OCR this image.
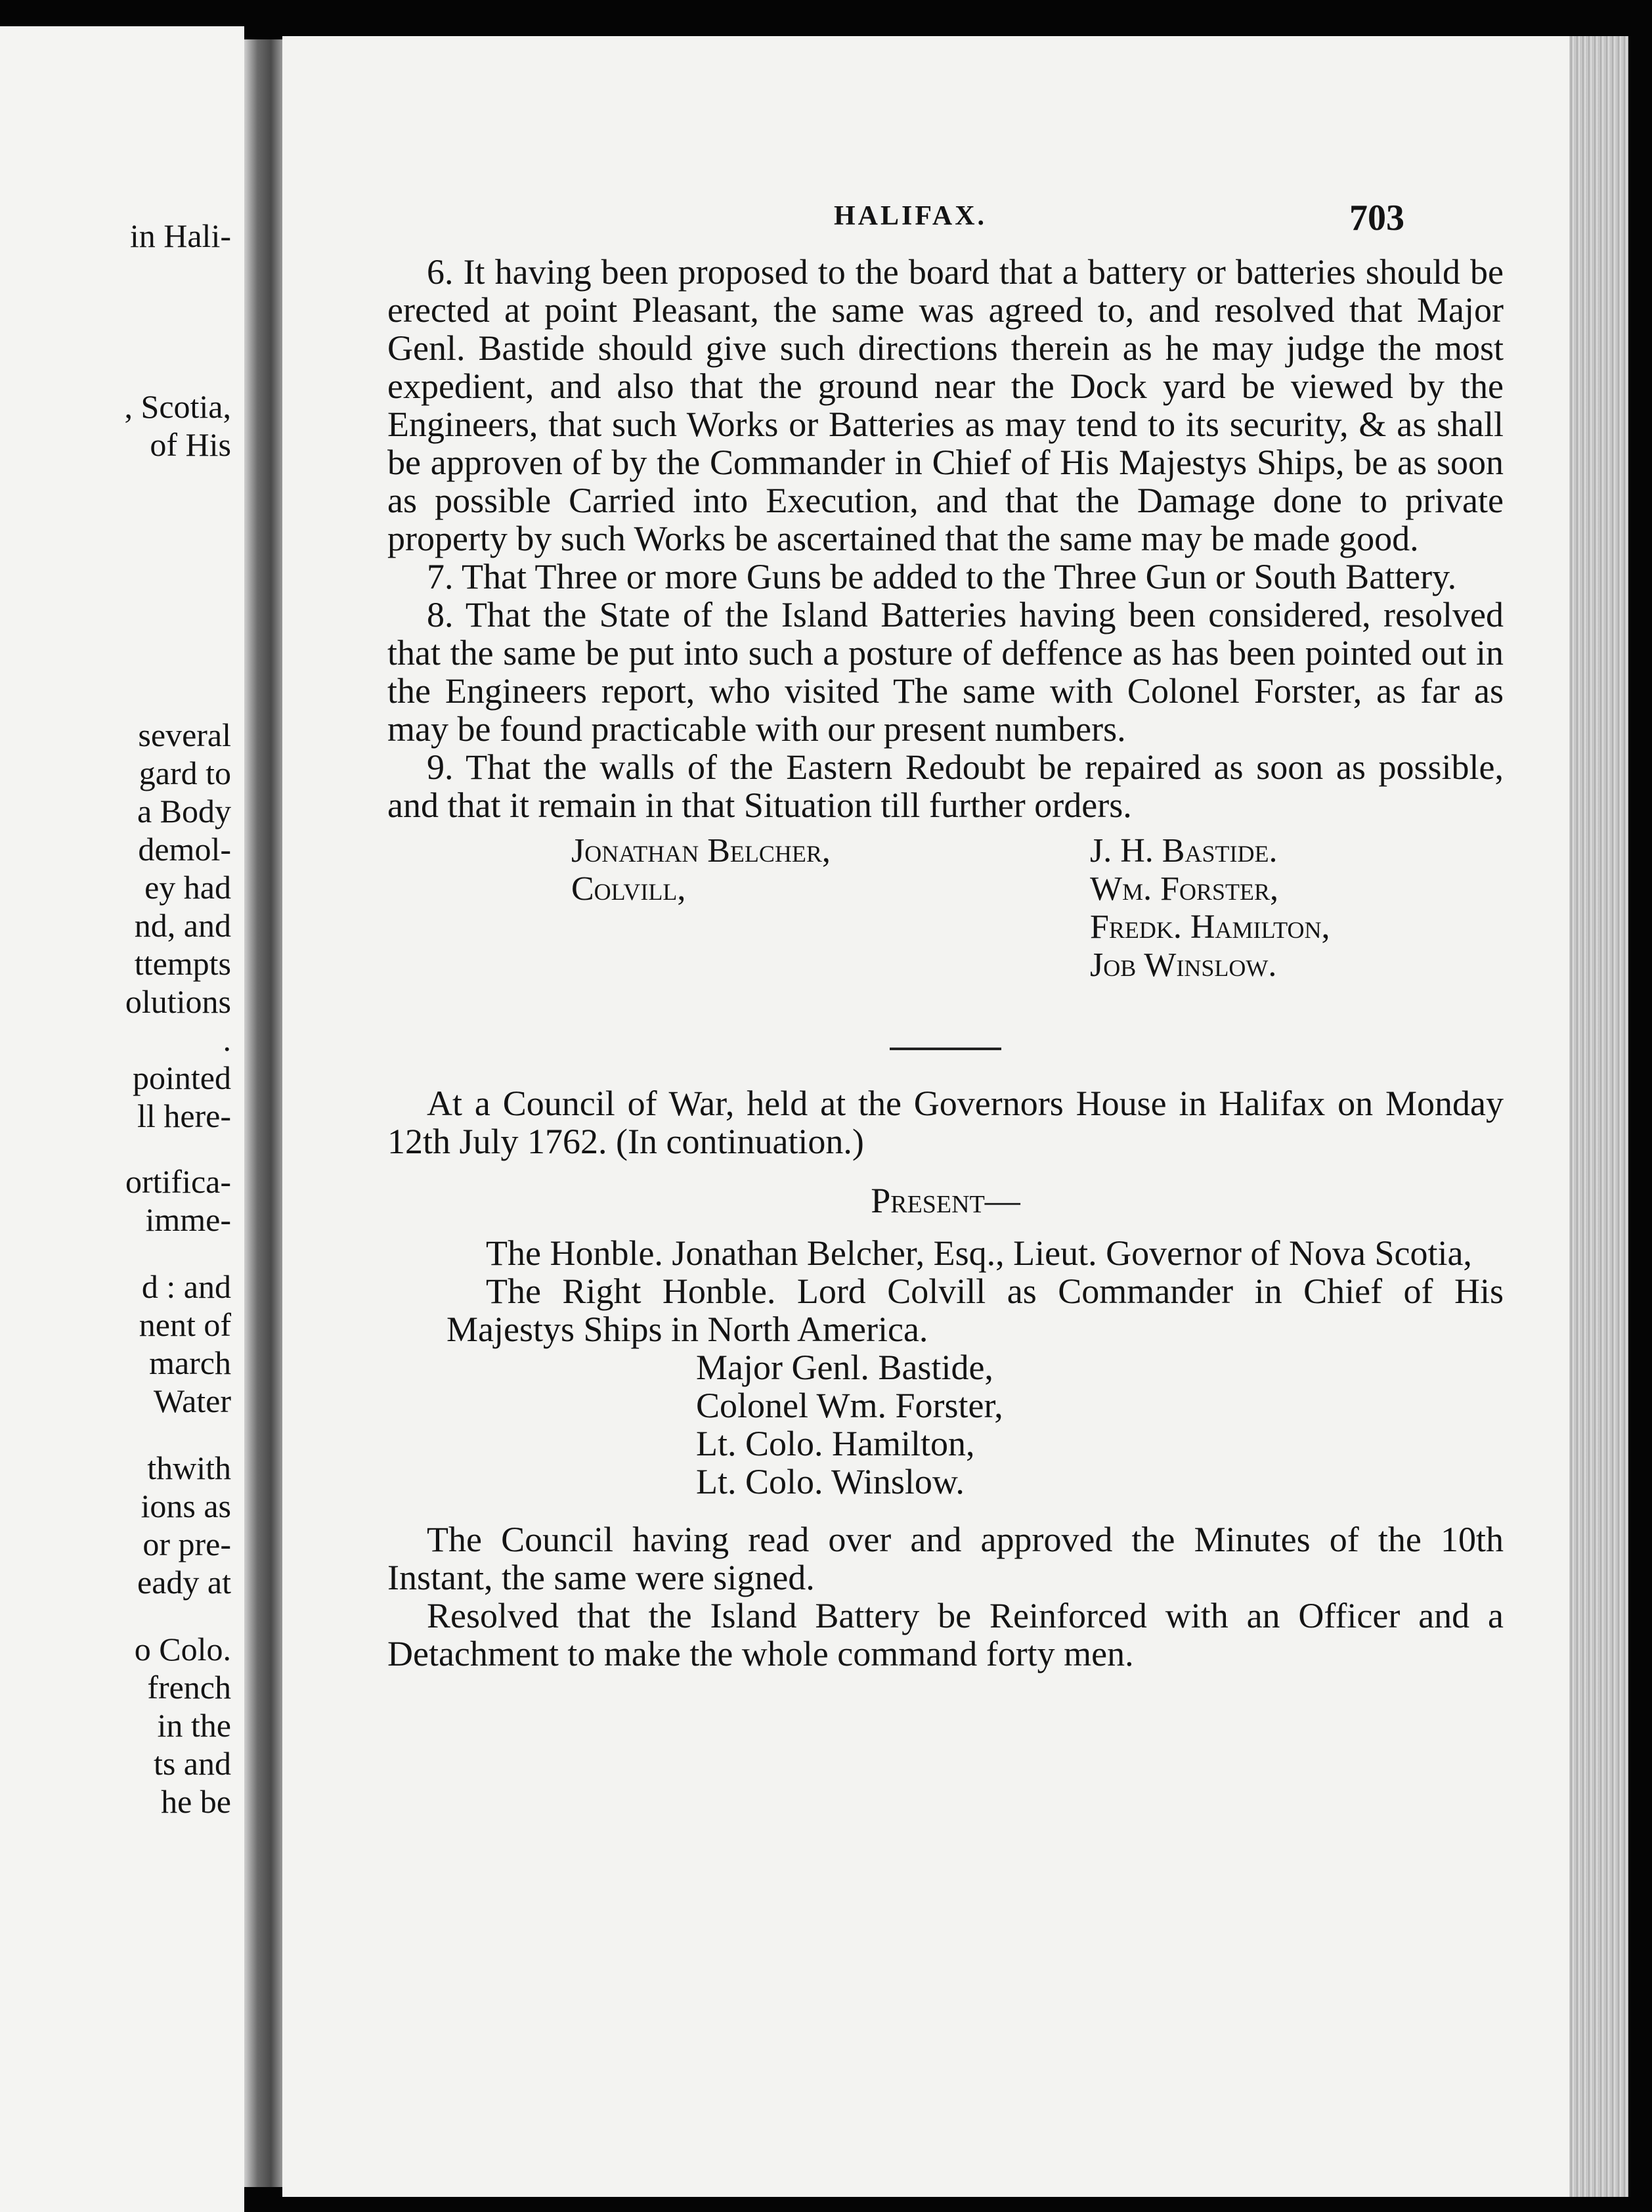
in Hali-
, Scotia,
of His
several
gard to
a Body
demol-
ey had
nd, and
ttempts
olutions
.
pointed
ll here-
ortifica-
imme-
d : and
nent of
march
Water
thwith
ions as
or pre-
eady at
o Colo.
french
in the
ts and
he be
HALIFAX.	703

6. It having been proposed to the board that a battery or batteries should be erected at point Pleasant, the same was agreed to, and resolved that Major Genl. Bastide should give such directions therein as he may judge the most expedient, and also that the ground near the Dock yard be viewed by the Engineers, that such Works or Batteries as may tend to its security, & as shall be approven of by the Commander in Chief of His Majestys Ships, be as soon as possible Carried into Execution, and that the Damage done to private property by such Works be ascertained that the same may be made good.

7. That Three or more Guns be added to the Three Gun or South Battery.

8. That the State of the Island Batteries having been considered, resolved that the same be put into such a posture of deffence as has been pointed out in the Engineers report, who visited The same with Colonel Forster, as far as may be found practicable with our present numbers.

9. That the walls of the Eastern Redoubt be repaired as soon as possible, and that it remain in that Situation till further orders.

Jonathan Belcher,
Colvill,
J. H. Bastide.
Wm. Forster,
Fredk. Hamilton,
Job Winslow.

At a Council of War, held at the Governors House in Halifax on Monday 12th July 1762. (In continuation.)

Present—

The Honble. Jonathan Belcher, Esq., Lieut. Governor of Nova Scotia,

The Right Honble. Lord Colvill as Commander in Chief of His Majestys Ships in North America.

Major Genl. Bastide,
Colonel Wm. Forster,
Lt. Colo. Hamilton,
Lt. Colo. Winslow.

The Council having read over and approved the Minutes of the 10th Instant, the same were signed.

Resolved that the Island Battery be Reinforced with an Officer and a Detachment to make the whole command forty men.
